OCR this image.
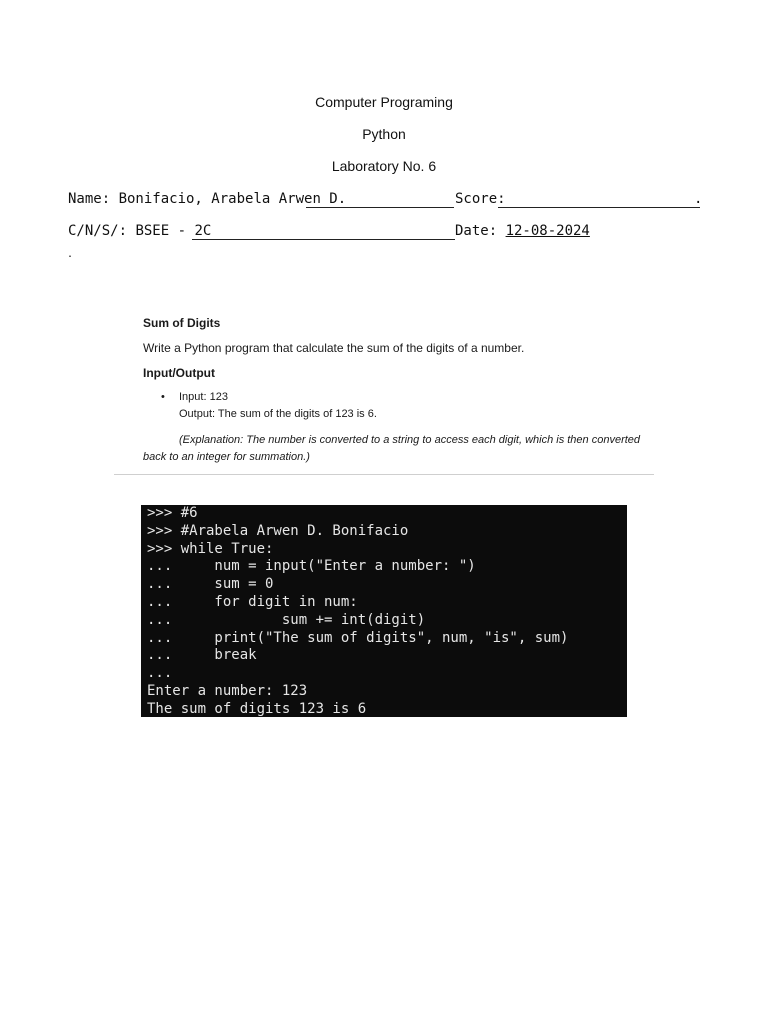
Computer Programing
Python
Laboratory No. 6
Name: Bonifacio, Arabela Arwen D.	Score:	.
C/N/S/: BSEE - 2C	Date: 12-08-2024
.
Sum of Digits
Write a Python program that calculate the sum of the digits of a number.
Input/Output
• Input: 123
Output: The sum of the digits of 123 is 6.
(Explanation: The number is converted to a string to access each digit, which is then converted back to an integer for summation.)
>>> #6
>>> #Arabela Arwen D. Bonifacio
>>> while True:
...     num = input("Enter a number: ")
...     sum = 0
...     for digit in num:
...             sum += int(digit)
...     print("The sum of digits", num, "is", sum)
...     break
...
Enter a number: 123
The sum of digits 123 is 6
